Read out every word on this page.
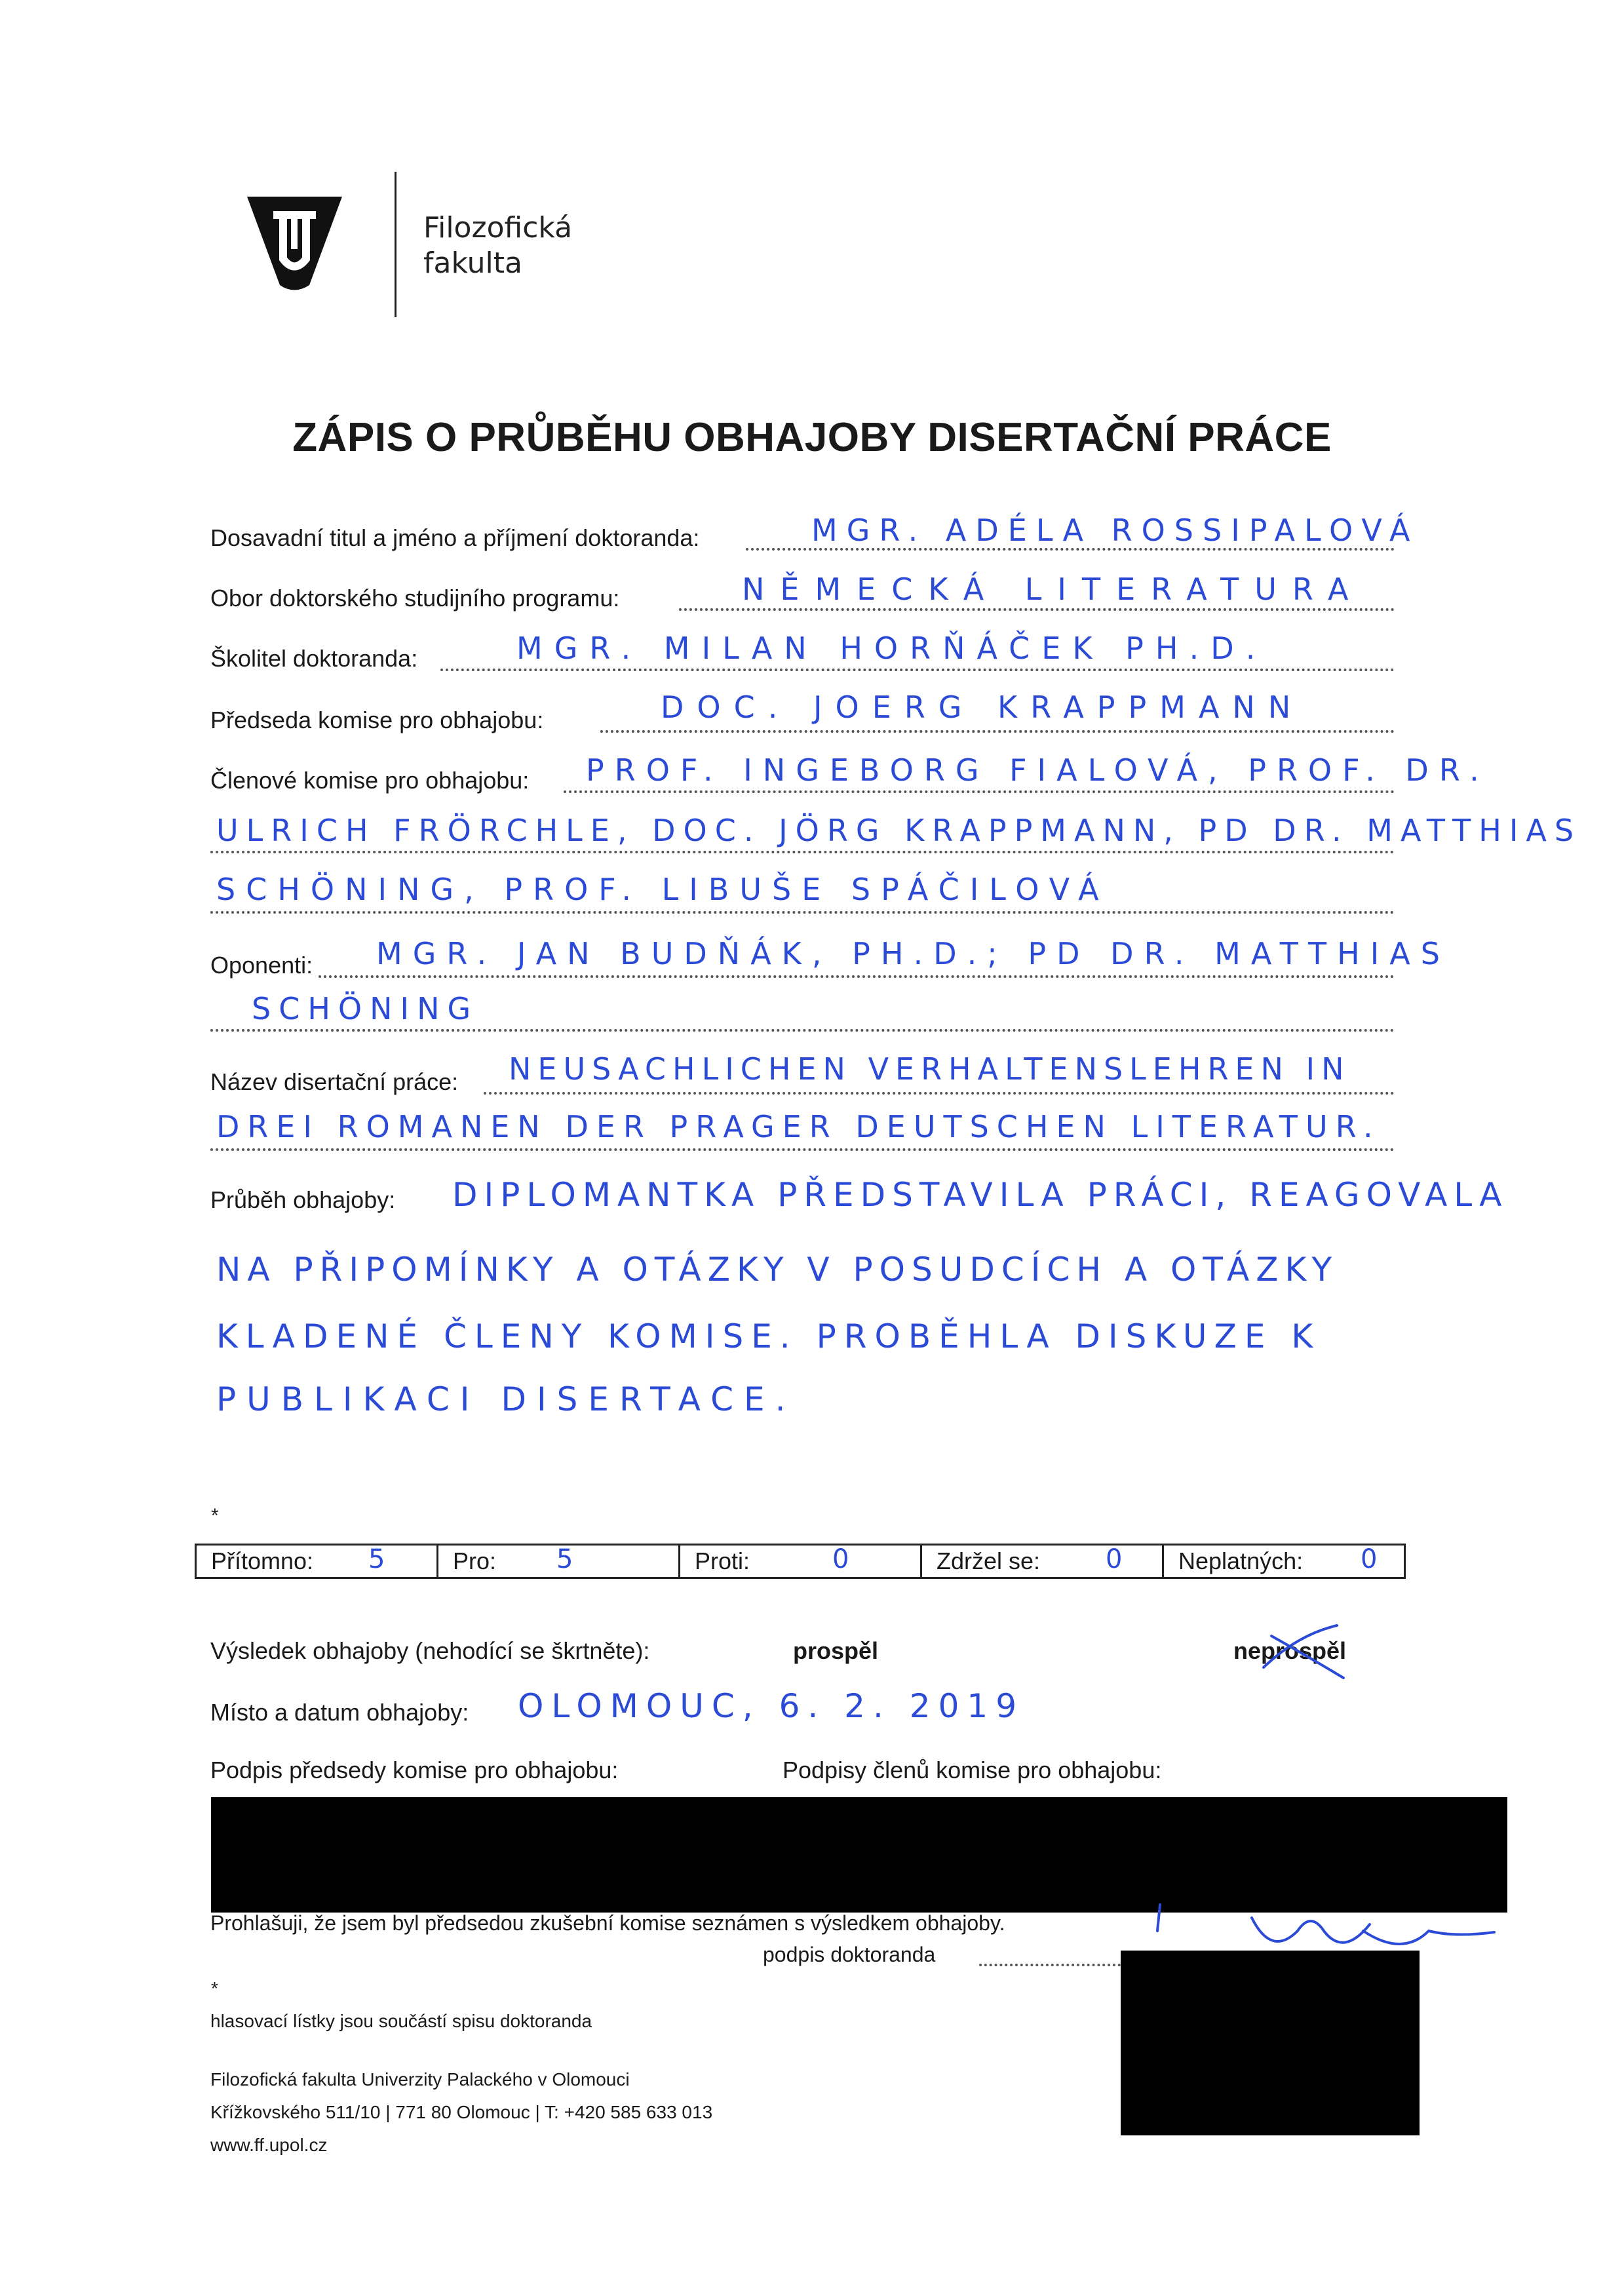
Filozofická
fakulta
ZÁPIS O PRŮBĚHU OBHAJOBY DISERTAČNÍ PRÁCE
Dosavadní titul a jméno a příjmení doktoranda:	MGR. ADÉLA ROSSIPALOVÁ
Obor doktorského studijního programu:	NĚMECKÁ LITERATURA
Školitel doktoranda:	MGR. MILAN HORŇÁČEK PH.D.
Předseda komise pro obhajobu:	DOC. JOERG KRAPPMANN
Členové komise pro obhajobu: PROF. INGEBORG FIALOVÁ, PROF. DR.
ULRICH FRÖRCHLE, DOC. JÖRG KRAPPMANN, PD DR. MATTHIAS
SCHÖNING, PROF. LIBUŠE SPÁČILOVÁ
Oponenti: MGR. JAN BUDŇÁK, PH.D.; PD DR. MATTHIAS
SCHÖNING
Název disertační práce: NEUSACHLICHEN VERHALTENSLEHREN IN
DREI ROMANEN DER PRAGER DEUTSCHEN LITERATUR.
Průběh obhajoby: DIPLOMANTKA PŘEDSTAVILA PRÁCI, REAGOVALA
NA PŘIPOMÍNKY A OTÁZKY V POSUDCÍCH A OTÁZKY
KLADENÉ ČLENY KOMISE. PROBĚHLA DISKUZE K
PUBLIKACI DISERTACE.
*
Přítomno: 5	Pro: 5	Proti:	0	Zdržel se: 0	Neplatných: 0
Výsledek obhajoby (nehodící se škrtněte):	prospěl	neprospěl
Místo a datum obhajoby: OLOMOUC, 6. 2. 2019
Podpis předsedy komise pro obhajobu:	Podpisy členů komise pro obhajobu:
Prohlašuji, že jsem byl předsedou zkušební komise seznámen s výsledkem obhajoby.
podpis doktoranda
*
hlasovací lístky jsou součástí spisu doktoranda
Filozofická fakulta Univerzity Palackého v Olomouci
Křížkovského 511/10 | 771 80 Olomouc | T: +420 585 633 013
www.ff.upol.cz
